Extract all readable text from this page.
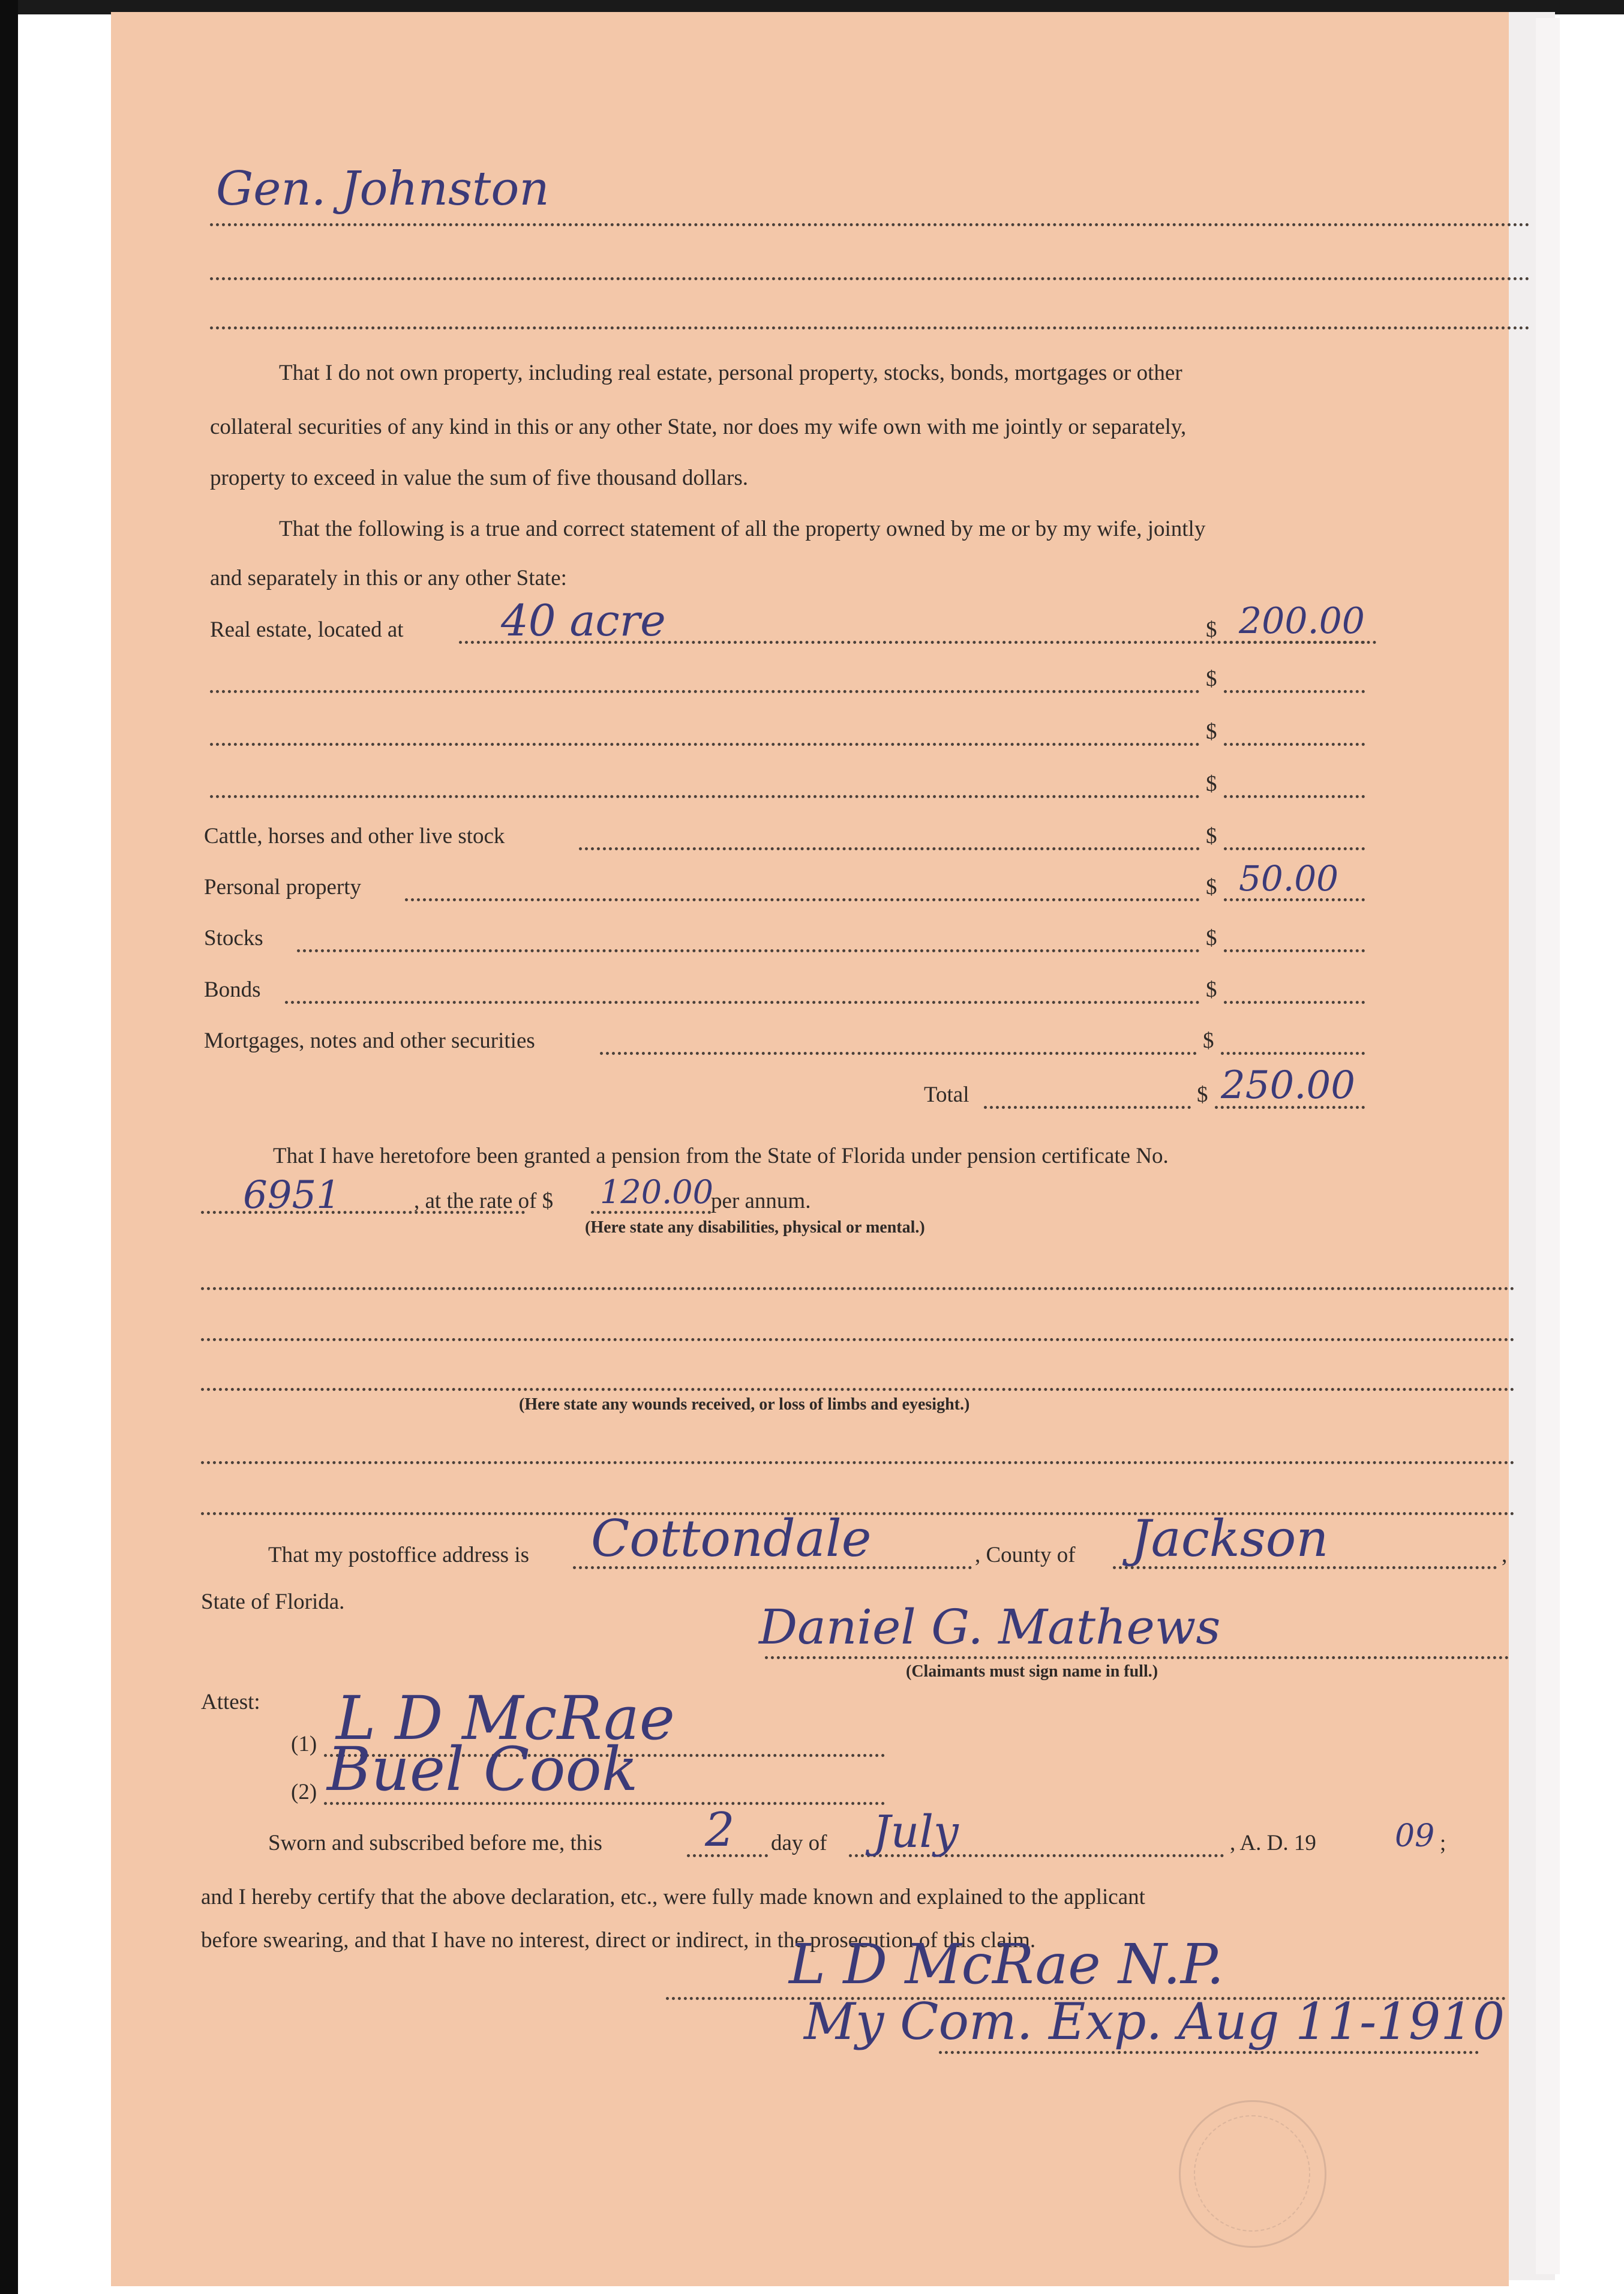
Gen. Johnston
That I do not own property, including real estate, personal property, stocks, bonds, mortgages or other
collateral securities of any kind in this or any other State, nor does my wife own with me jointly or separately,
property to exceed in value the sum of five thousand dollars.
That the following is a true and correct statement of all the property owned by me or by my wife, jointly
and separately in this or any other State:
Real estate, located at 40 acre	$ 200.00
$
$
$
Cattle, horses and other live stock	$
Personal property	$ 50.00
Stocks	$
Bonds	$
Mortgages, notes and other securities	$
Total	$ 250.00
That I have heretofore been granted a pension from the State of Florida under pension certificate No.
6951	, at the rate of $ 120.00
per annum.
(Here state any disabilities, physical or mental.)
(Here state any wounds received, or loss of limbs and eyesight.)
That my postoffice address is Cottondale	, County of Jackson	,
State of Florida.	Daniel G. Mathews
(Claimants must sign name in full.)
Attest:
(1) L D McRae
(2) Buel Cook
Sworn and subscribed before me, this 2 day of July	, A. D. 19	09 ;
and I hereby certify that the above declaration, etc., were fully made known and explained to the applicant
before swearing, and that I have no interest, direct or indirect, in the prosecution of this claim.
L D McRae N.P.
My Com. Exp. Aug 11-1910
